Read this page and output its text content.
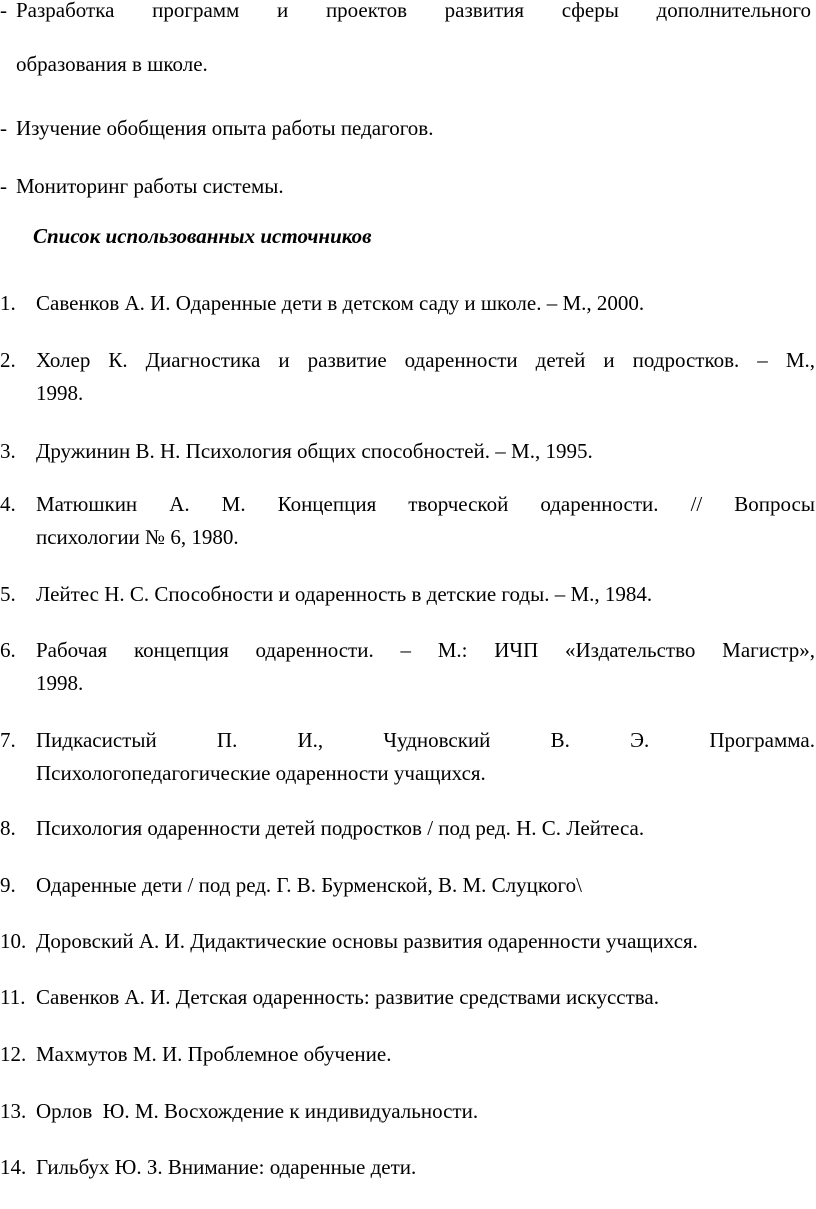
- Разработка программ и проектов развития сферы дополнительного
образования в школе.
- Изучение обобщения опыта работы педагогов.
- Мониторинг работы системы.
Список использованных источников
1. Савенков А. И. Одаренные дети в детском саду и школе. – М., 2000.
2. Холер К. Диагностика и развитие одаренности детей и подростков. – М.,
1998.
3. Дружинин В. Н. Психология общих способностей. – М., 1995.
4. Матюшкин А. М. Концепция творческой одаренности. // Вопросы
психологии № 6, 1980.
5. Лейтес Н. С. Способности и одаренность в детские годы. – М., 1984.
6. Рабочая концепция одаренности. – М.: ИЧП «Издательство Магистр»,
1998.
7. Пидкасистый П. И., Чудновский В. Э. Программа.
Психологопедагогические одаренности учащихся.
8. Психология одаренности детей подростков / под ред. Н. С. Лейтеса.
9. Одаренные дети / под ред. Г. В. Бурменской, В. М. Слуцкого\
10. Доровский А. И. Дидактические основы развития одаренности учащихся.
11. Савенков А. И. Детская одаренность: развитие средствами искусства.
12. Махмутов М. И. Проблемное обучение.
13. Орлов  Ю. М. Восхождение к индивидуальности.
14. Гильбух Ю. З. Внимание: одаренные дети.
